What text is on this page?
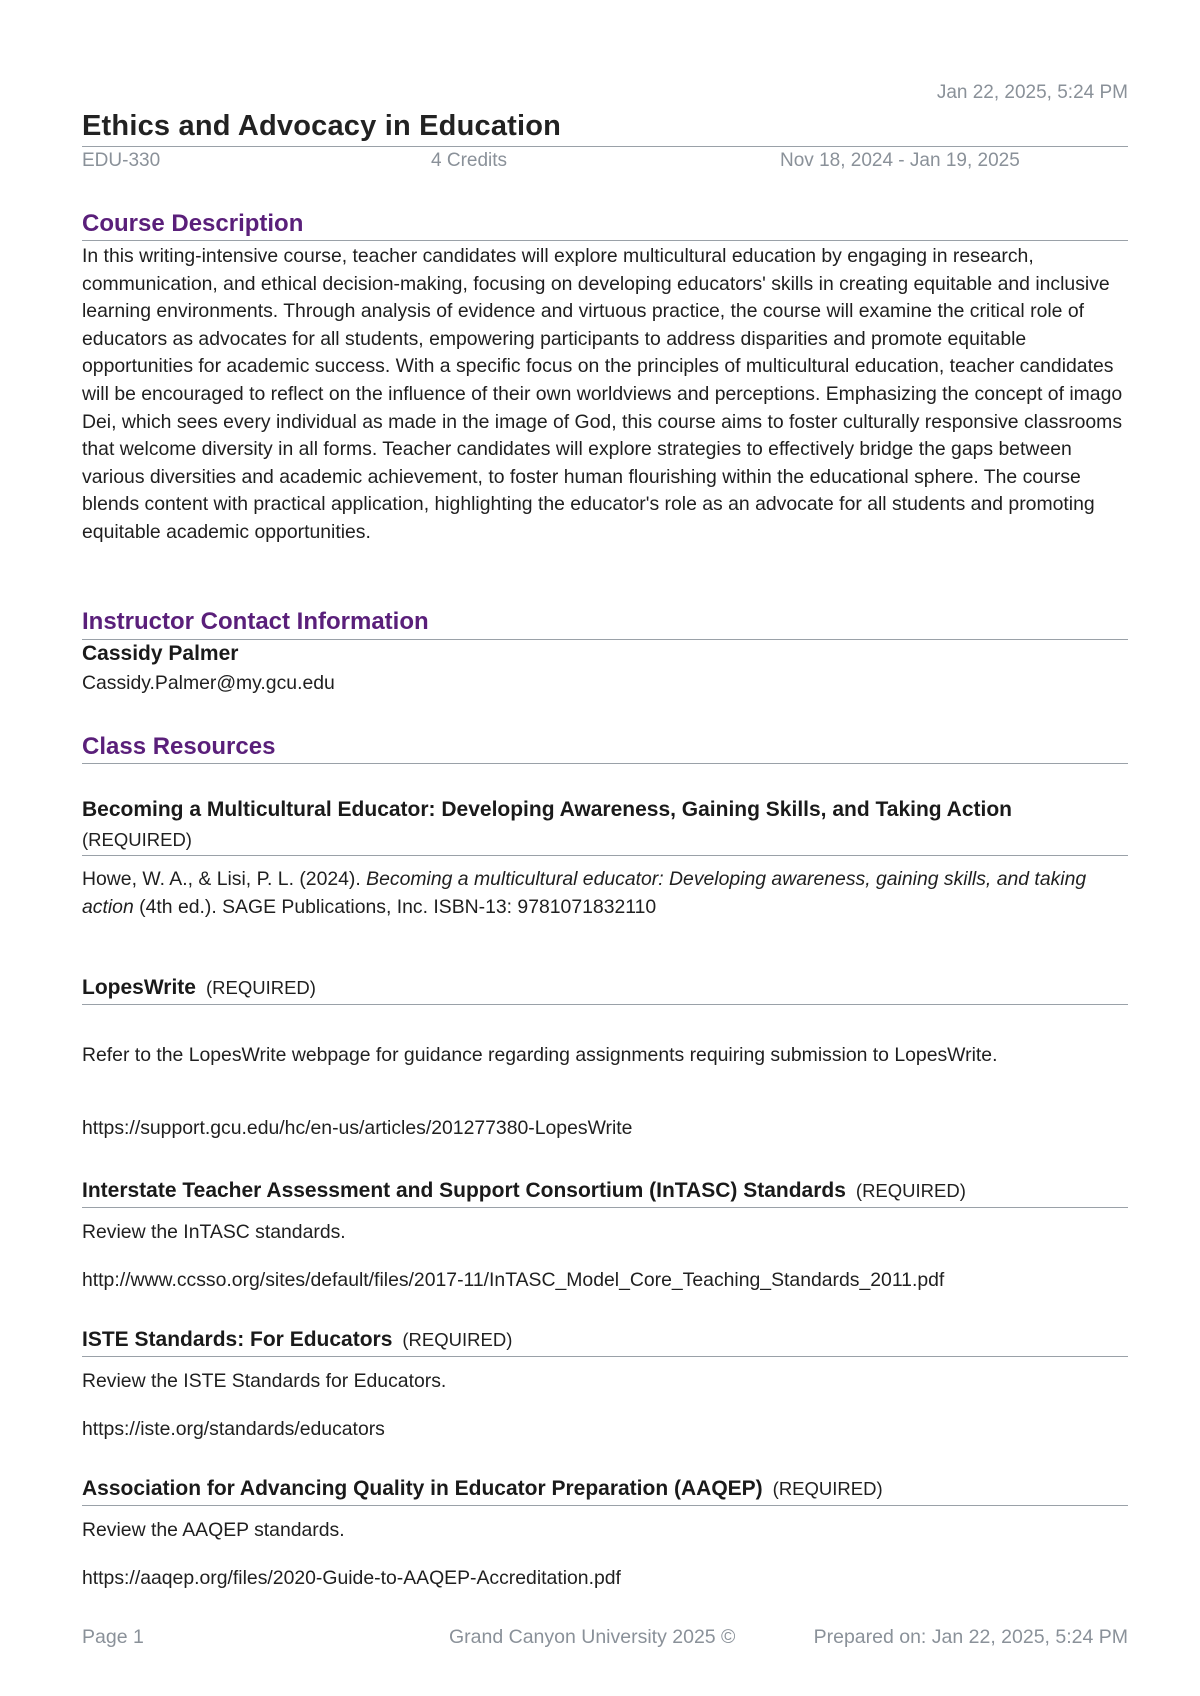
Jan 22, 2025, 5:24 PM
Ethics and Advocacy in Education
EDU-330	4 Credits	Nov 18, 2024 - Jan 19, 2025
Course Description

In this writing-intensive course, teacher candidates will explore multicultural education by engaging in research, communication, and ethical decision-making, focusing on developing educators' skills in creating equitable and inclusive learning environments. Through analysis of evidence and virtuous practice, the course will examine the critical role of educators as advocates for all students, empowering participants to address disparities and promote equitable opportunities for academic success. With a specific focus on the principles of multicultural education, teacher candidates will be encouraged to reflect on the influence of their own worldviews and perceptions. Emphasizing the concept of imago Dei, which sees every individual as made in the image of God, this course aims to foster culturally responsive classrooms that welcome diversity in all forms. Teacher candidates will explore strategies to effectively bridge the gaps between various diversities and academic achievement, to foster human flourishing within the educational sphere. The course blends content with practical application, highlighting the educator's role as an advocate for all students and promoting equitable academic opportunities.

Instructor Contact Information
Cassidy Palmer
Cassidy.Palmer@my.gcu.edu
Class Resources
Becoming a Multicultural Educator: Developing Awareness, Gaining Skills, and Taking Action
(REQUIRED)

Howe, W. A., & Lisi, P. L. (2024). Becoming a multicultural educator: Developing awareness, gaining skills, and taking action (4th ed.). SAGE Publications, Inc. ISBN-13: 9781071832110

LopesWrite (REQUIRED)
Refer to the LopesWrite webpage for guidance regarding assignments requiring submission to LopesWrite.
https://support.gcu.edu/hc/en-us/articles/201277380-LopesWrite
Interstate Teacher Assessment and Support Consortium (InTASC) Standards (REQUIRED)
Review the InTASC standards.
http://www.ccsso.org/sites/default/files/2017-11/InTASC_Model_Core_Teaching_Standards_2011.pdf
ISTE Standards: For Educators (REQUIRED)
Review the ISTE Standards for Educators.
https://iste.org/standards/educators
Association for Advancing Quality in Educator Preparation (AAQEP) (REQUIRED)
Review the AAQEP standards.
https://aaqep.org/files/2020-Guide-to-AAQEP-Accreditation.pdf
Page 1	Grand Canyon University 2025 ©	Prepared on: Jan 22, 2025, 5:24 PM
